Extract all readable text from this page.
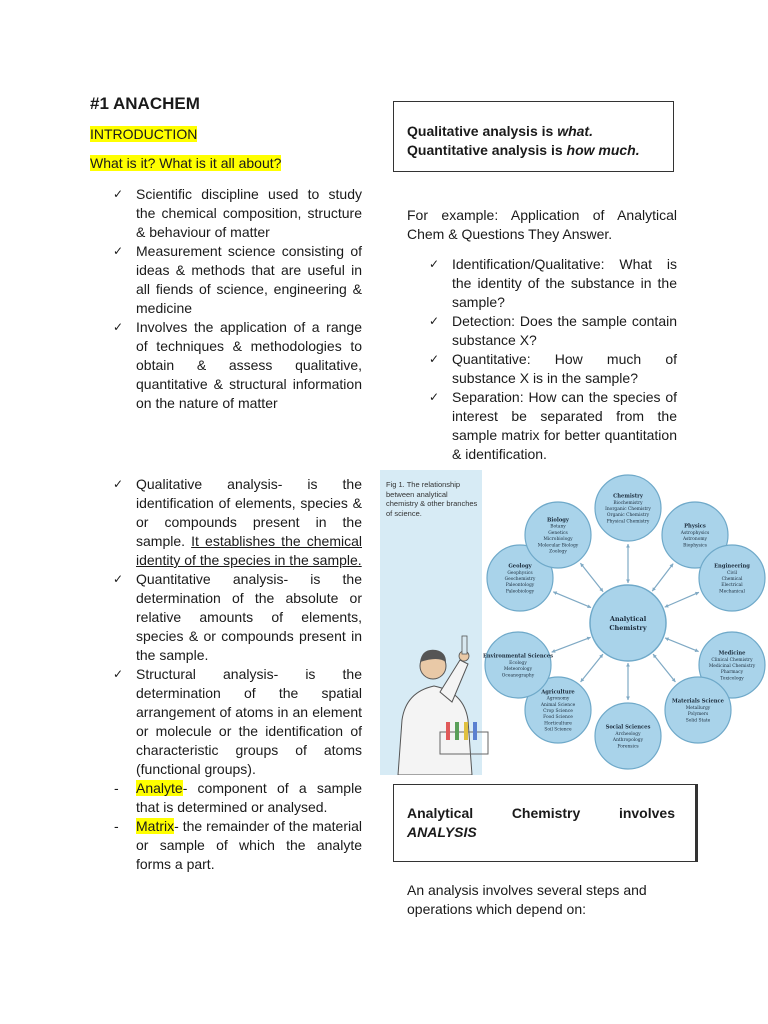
#1 ANACHEM
INTRODUCTION
What is it? What is it all about?
✓ Scientific discipline used to study the chemical composition, structure & behaviour of matter
✓ Measurement science consisting of ideas & methods that are useful in all fiends of science, engineering & medicine
✓ Involves the application of a range of techniques & methodologies to obtain & assess qualitative, quantitative & structural information on the nature of matter
✓ Qualitative analysis- is the identification of elements, species & or compounds present in the sample. It establishes the chemical identity of the species in the sample.
✓ Quantitative analysis- is the determination of the absolute or relative amounts of elements, species & or compounds present in the sample.
✓ Structural analysis- is the determination of the spatial arrangement of atoms in an element or molecule or the identification of characteristic groups of atoms (functional groups).
- Analyte- component of a sample that is determined or analysed.
- Matrix- the remainder of the material or sample of which the analyte forms a part.
Qualitative analysis is what.
Quantitative analysis is how much.
For example: Application of Analytical Chem & Questions They Answer.
✓ Identification/Qualitative: What is the identity of the substance in the sample?
✓ Detection: Does the sample contain substance X?
✓ Quantitative: How much of substance X is in the sample?
✓ Separation: How can the species of interest be separated from the sample matrix for better quantitation & identification.
Fig 1. The relationship between analytical chemistry & other branches of science.
Analytical
Chemistry
Chemistry
Biochemistry
Inorganic Chemistry
Organic Chemistry
Physical Chemistry
Physics
Astrophysics
Astronomy
Biophysics
Engineering
Civil
Chemical
Electrical
Mechanical
Medicine
Clinical Chemistry
Medicinal Chemistry
Pharmacy
Toxicology
Materials Science
Metallurgy
Polymers
Solid State
Social Sciences
Archeology
Anthropology
Forensics
Agriculture
Agronomy
Animal Science
Crop Science
Food Science
Horticulture
Soil Science
Environmental Sciences
Ecology
Meteorology
Oceanography
Geology
Geophysics
Geochemistry
Paleontology
Paleobiology
Biology
Botany
Genetics
Microbiology
Molecular Biology
Zoology
Analytical	Chemistry	involves
ANALYSIS
An analysis involves several steps and operations which depend on:
